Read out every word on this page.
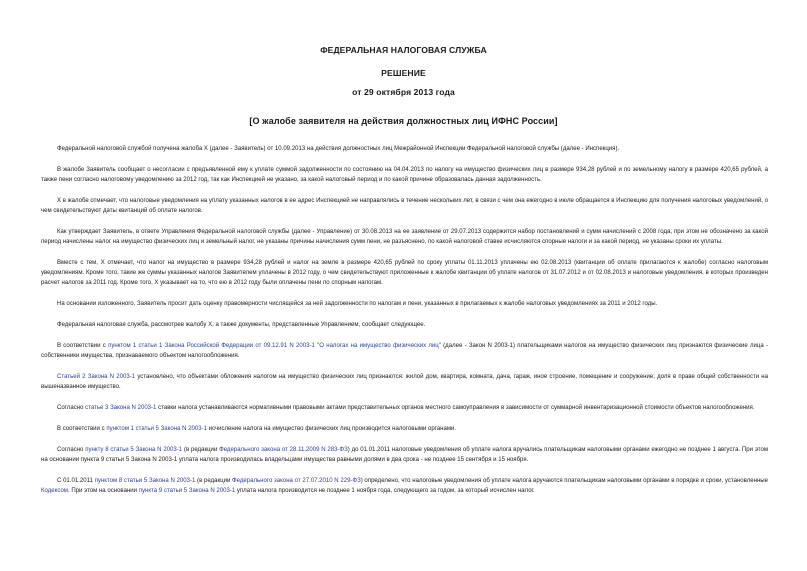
ФЕДЕРАЛЬНАЯ НАЛОГОВАЯ СЛУЖБА
РЕШЕНИЕ
от 29 октября 2013 года
[О жалобе заявителя на действия должностных лиц ИФНС России]

Федеральной налоговой службой получена жалоба Х (далее - Заявитель) от 10.09.2013 на действия должностных лиц Межрайонной Инспекции Федеральной налоговой службы (далее - Инспекция).

В жалобе Заявитель сообщает о несогласии с предъявленной ему к уплате суммой задолженности по состоянию на 04.04.2013 по налогу на имущество физических лиц в размере 934,28 рублей и по земельному налогу в размере 420,65 рублей, а также пени согласно налоговому уведомлению за 2012 год, так как Инспекцией не указано, за какой налоговый период и по какой причине образовалась данная задолженность.

Х в жалобе отмечает, что налоговые уведомления на уплату указанных налогов в ее адрес Инспекцией не направлялись в течение нескольких лет, в связи с чем она ежегодно в июле обращается в Инспекцию для получения налоговых уведомлений, о чем свидетельствуют даты квитанций об оплате налогов.

Как утверждает Заявитель, в ответе Управления Федеральной налоговой службы (далее - Управление) от 30.08.2013 на ее заявление от 29.07.2013 содержится набор постановлений и сумм начислений с 2008 года, при этом не обозначено за какой период начислены налог на имущество физических лиц и земельный налог, не указаны причины начисления сумм пени, не разъяснено, по какой налоговой ставке исчисляются спорные налоги и за какой период, не указаны сроки их уплаты.

Вместе с тем, Х отмечает, что налог на имущество в размере 934,28 рублей и налог на земле в размере 420,65 рублей по сроку уплаты 01.11.2013 уплачены ею 02.08.2013 (квитанции об оплате прилагаются к жалобе) согласно налоговым уведомлениям. Кроме того, такие же суммы указанных налогов Заявителем уплачены в 2012 году, о чем свидетельствуют приложенные к жалобе квитанции об уплате налогов от 31.07.2012 и от 02.08.2013 и налоговые уведомления, в которых произведен расчет налогов за 2011 год. Кроме того, Х указывает на то, что ею в 2012 году были оплачены пени по спорным налогам.

На основании изложенного, Заявитель просит дать оценку правомерности числящейся за ней задолженности по налогам и пени, указанных в прилагаемых к жалобе налоговых уведомлениях за 2011 и 2012 годы.

Федеральная налоговая служба, рассмотрев жалобу Х, а также документы, представленные Управлением, сообщает следующее.

В соответствии с пунктом 1 статьи 1 Закона Российской Федерации от 09.12.91 N 2003-1 "О налогах на имущество физических лиц" (далее - Закон N 2003-1) плательщиками налогов на имущество физических лиц признаются физические лица - собственники имущества, признаваемого объектом налогообложения.

Статьей 2 Закона N 2003-1 установлено, что объектами обложения налогом на имущество физических лиц признаются: жилой дом, квартира, комната, дача, гараж, иное строение, помещение и сооружение; доля в праве общей собственности на вышеназванное имущество.

Согласно статье 3 Закона N 2003-1 ставки налога устанавливаются нормативными правовыми актами представительных органов местного самоуправления в зависимости от суммарной инвентаризационной стоимости объектов налогообложения.

В соответствии с пунктом 1 статьи 5 Закона N 2003-1 исчисление налога на имущество физических лиц производится налоговыми органами.

Согласно пункту 8 статьи 5 Закона N 2003-1 (в редакции Федерального закона от 28.11.2009 N 283-ФЗ) до 01.01.2011 налоговые уведомления об уплате налога вручались плательщикам налоговыми органами ежегодно не позднее 1 августа. При этом на основании пункта 9 статьи 5 Закона N 2003-1 уплата налога производилась владельцами имущества равными долями в два срока - не позднее 15 сентября и 15 ноября.

С 01.01.2011 пунктом 8 статьи 5 Закона N 2003-1 (в редакции Федерального закона от 27.07.2010 N 229-ФЗ) определено, что налоговые уведомления об уплате налога вручаются плательщикам налоговыми органами в порядке и сроки, установленные Кодексом. При этом на основании пункта 9 статьи 5 Закона N 2003-1 уплата налога производится не позднее 1 ноября года, следующего за годом, за который исчислен налог.
